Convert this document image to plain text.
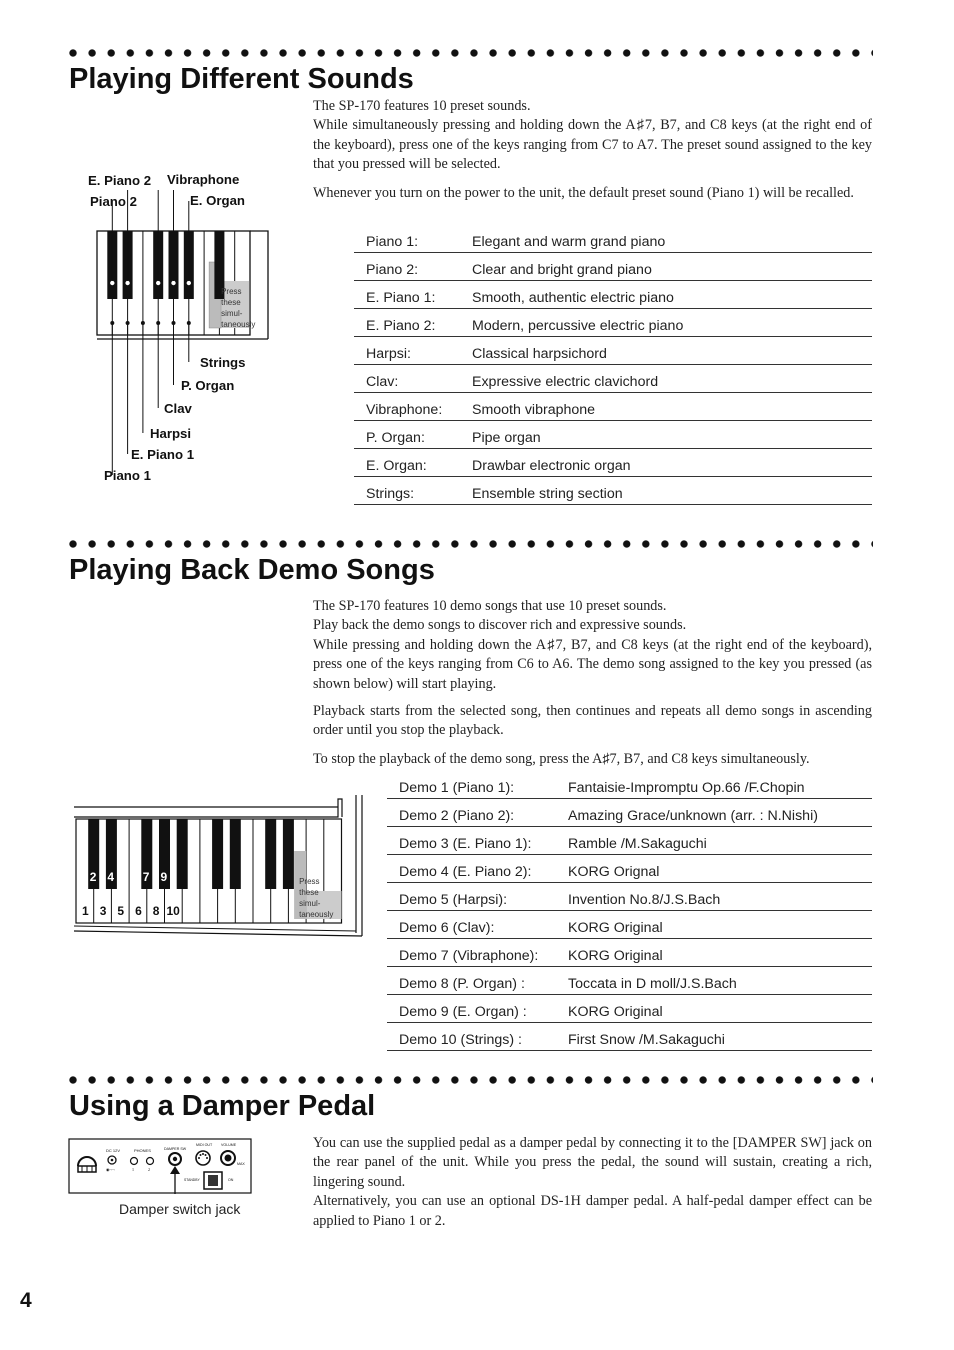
Playing Different Sounds

The SP-170 features 10 preset sounds.
While simultaneously pressing and holding down the A♯7, B7, and C8 keys (at the right end of the keyboard), press one of the keys ranging from C7 to A7. The preset sound assigned to the key that you pressed will be selected.

Whenever you turn on the power to the unit, the default preset sound (Piano 1) will be recalled.

Piano 1:	Elegant and warm grand piano
Piano 2:	Clear and bright grand piano
E. Piano 1:	Smooth, authentic electric piano
E. Piano 2:	Modern, percussive electric piano
Harpsi:	Classical harpsichord
Clav:	Expressive electric clavichord
Vibraphone:	Smooth vibraphone
P. Organ:	Pipe organ
E. Organ:	Drawbar electronic organ
Strings:	Ensemble string section
Press
these
simul-
taneously
E. Piano 2 Vibraphone
Piano 2	E. Organ
Strings
P. Organ
Clav
Harpsi
E. Piano 1
Piano 1
Playing Back Demo Songs

The SP-170 features 10 demo songs that use 10 preset sounds.
Play back the demo songs to discover rich and expressive sounds.
While pressing and holding down the A♯7, B7, and C8 keys (at the right end of the keyboard), press one of the keys ranging from C6 to A6. The demo song assigned to the key you pressed (as shown below) will start playing.

Playback starts from the selected song, then continues and repeats all demo songs in ascending order until you stop the playback.

To stop the playback of the demo song, press the A♯7, B7, and C8 keys simultaneously.

Demo 1 (Piano 1):	Fantaisie-Impromptu Op.66 /F.Chopin
Demo 2 (Piano 2):	Amazing Grace/unknown (arr. : N.Nishi)
Demo 3 (E. Piano 1):	Ramble /M.Sakaguchi
Demo 4 (E. Piano 2):	KORG Orignal
Demo 5 (Harpsi):	Invention No.8/J.S.Bach
Demo 6 (Clav):	KORG Original
Demo 7 (Vibraphone):	KORG Original
Demo 8 (P. Organ) :	Toccata in D moll/J.S.Bach
Demo 9 (E. Organ) :	KORG Original
Demo 10 (Strings) :	First Snow /M.Sakaguchi
Press
these
simul-
taneously
2 4 7 9
1 3 5 6 8 10
Using a Damper Pedal

You can use the supplied pedal as a damper pedal by connecting it to the [DAMPER SW] jack on the rear panel of the unit. While you press the pedal, the sound will sustain, creating a rich, lingering sound.
Alternatively, you can use an optional DS-1H damper pedal. A half-pedal damper effect can be applied to Piano 1 or 2.

DC 12V
◉-◦-◦
PHONES
1	2
DAMPER SW
MIDI OUT VOLUME
MAX
STANDBY	ON
Damper switch jack
4
